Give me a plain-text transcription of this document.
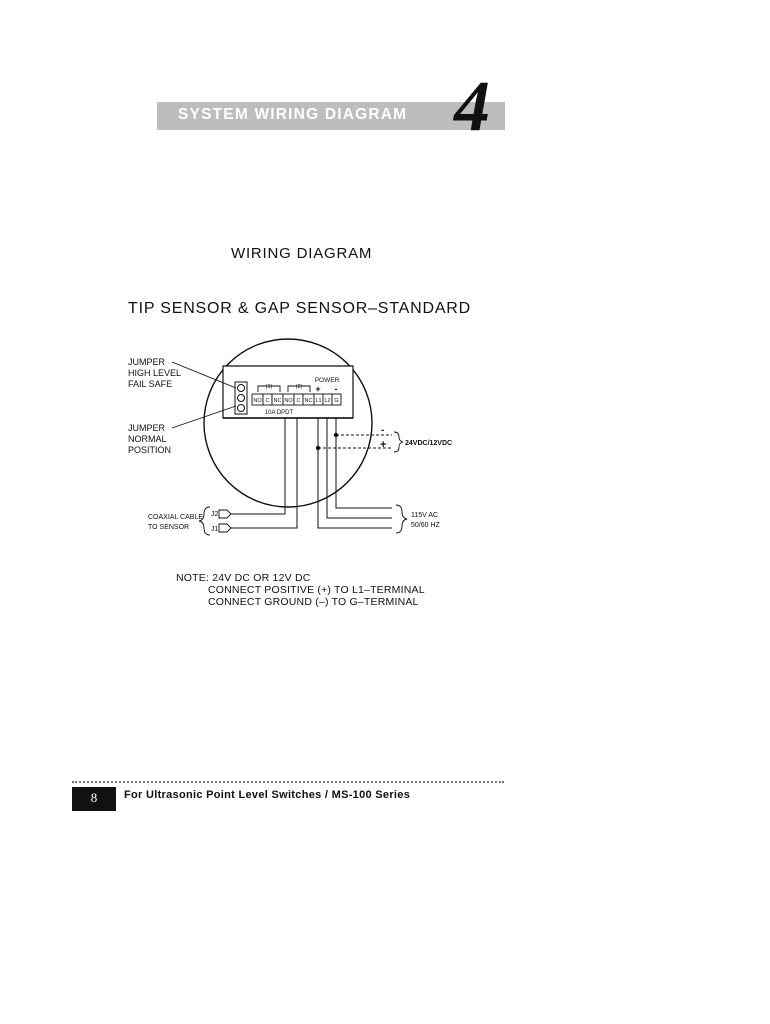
SYSTEM WIRING DIAGRAM 4
WIRING DIAGRAM
TIP SENSOR & GAP SENSOR–STANDARD
NO C NC NO C NC L1 L2 G
(1)	(2)
POWER
+ -
10A DPDT
JUMPER
HIGH LEVEL
FAIL SAFE
JUMPER
NORMAL
POSITION
J2
J1
COAXIAL CABLE
TO SENSOR
115V AC
50/60 HZ
-
+	24VDC/12VDC
NOTE: 24V DC OR 12V DC
CONNECT POSITIVE (+) TO L1–TERMINAL
CONNECT GROUND (–) TO G–TERMINAL
8	For Ultrasonic Point Level Switches / MS-100 Series
